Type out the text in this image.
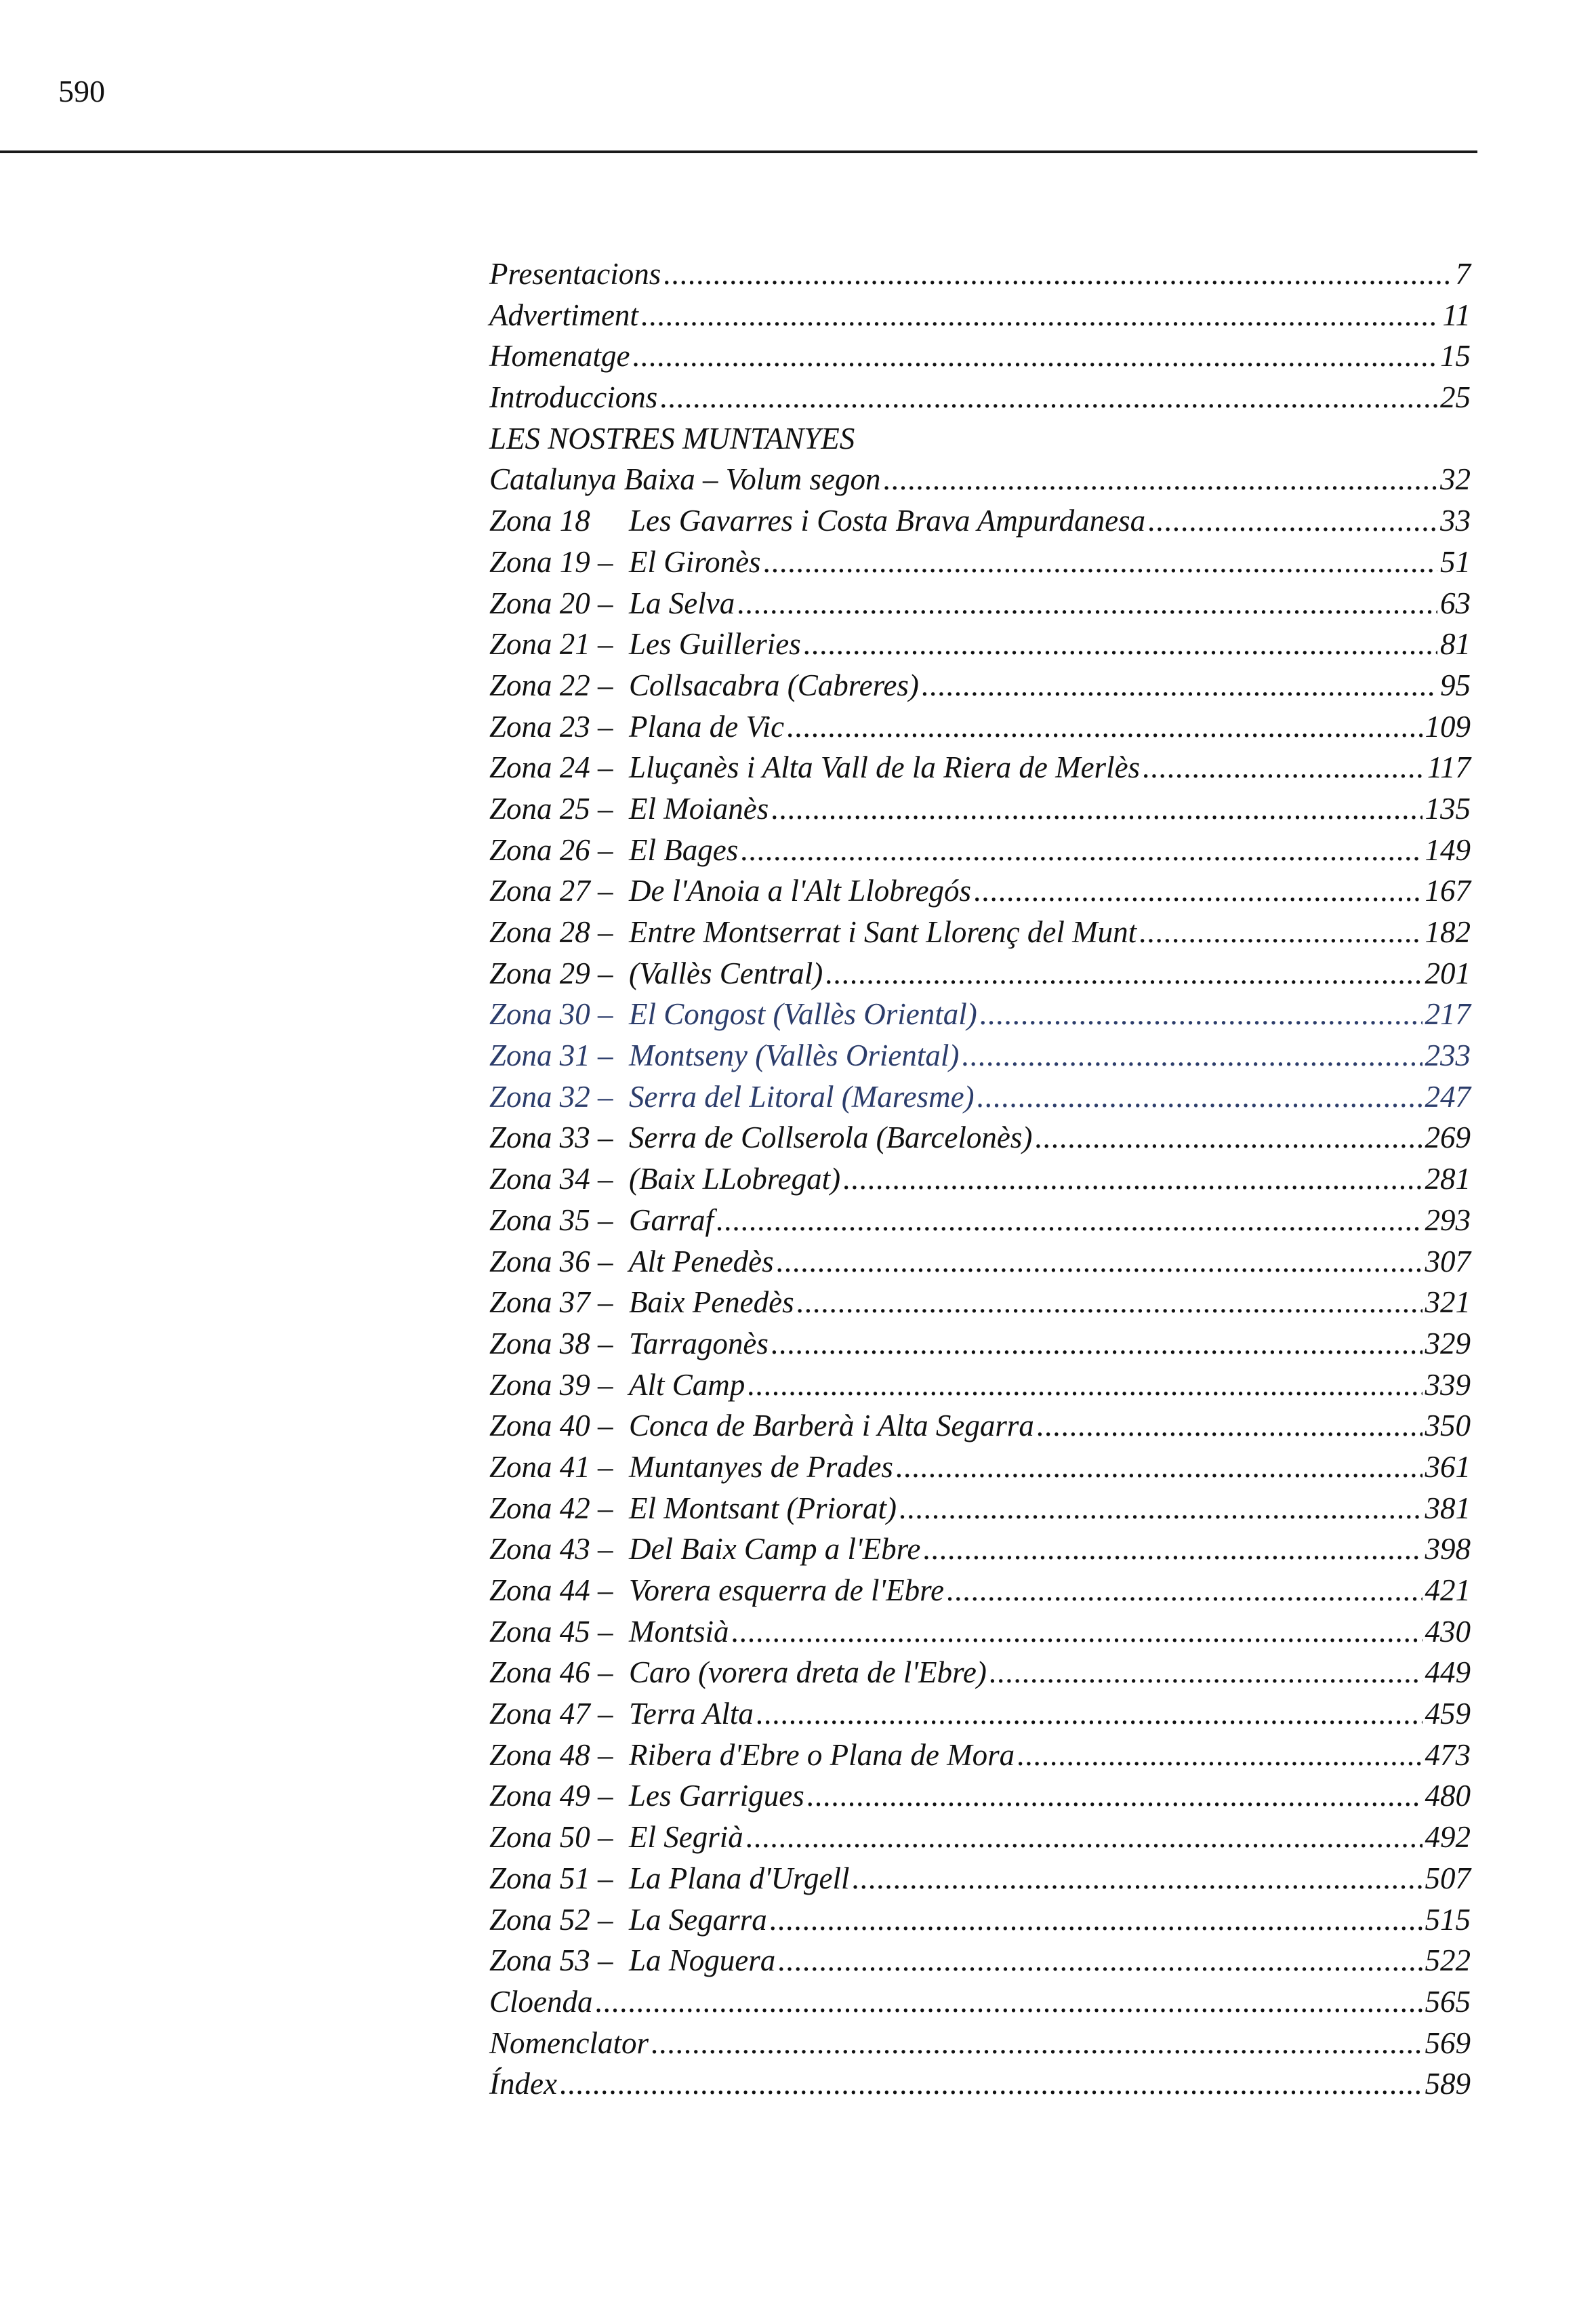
590
Presentacions .....	7
Advertiment .....	11
Homenatge .....	15
Introduccions .....	25
LES NOSTRES MUNTANYES
Catalunya Baixa – Volum segon .....	32
Zona 18	Les Gavarres i Costa Brava Ampurdanesa .....	33
Zona 19 – El Gironès .....	51
Zona 20 – La Selva .....	63
Zona 21 – Les Guilleries .....	81
Zona 22 – Collsacabra (Cabreres) .....	95
Zona 23 – Plana de Vic .....	109
Zona 24 – Lluçanès i Alta Vall de la Riera de Merlès .....	117
Zona 25 – El Moianès .....	135
Zona 26 – El Bages .....	149
Zona 27 – De l'Anoia a l'Alt Llobregós .....	167
Zona 28 – Entre Montserrat i Sant Llorenç del Munt .....	182
Zona 29 – (Vallès Central) .....	201
Zona 30 – El Congost (Vallès Oriental) .....	217
Zona 31 – Montseny (Vallès Oriental) .....	233
Zona 32 – Serra del Litoral (Maresme) .....	247
Zona 33 – Serra de Collserola (Barcelonès) .....	269
Zona 34 – (Baix LLobregat) .....	281
Zona 35 – Garraf .....	293
Zona 36 – Alt Penedès .....	307
Zona 37 – Baix Penedès .....	321
Zona 38 – Tarragonès .....	329
Zona 39 – Alt Camp .....	339
Zona 40 – Conca de Barberà i Alta Segarra .....	350
Zona 41 – Muntanyes de Prades .....	361
Zona 42 – El Montsant (Priorat) .....	381
Zona 43 – Del Baix Camp a l'Ebre .....	398
Zona 44 – Vorera esquerra de l'Ebre .....	421
Zona 45 – Montsià .....	430
Zona 46 – Caro (vorera dreta de l'Ebre) .....	449
Zona 47 – Terra Alta .....	459
Zona 48 – Ribera d'Ebre o Plana de Mora .....	473
Zona 49 – Les Garrigues .....	480
Zona 50 – El Segrià .....	492
Zona 51 – La Plana d'Urgell .....	507
Zona 52 – La Segarra .....	515
Zona 53 – La Noguera .....	522
Cloenda .....	565
Nomenclator .....	569
Índex .....	589
